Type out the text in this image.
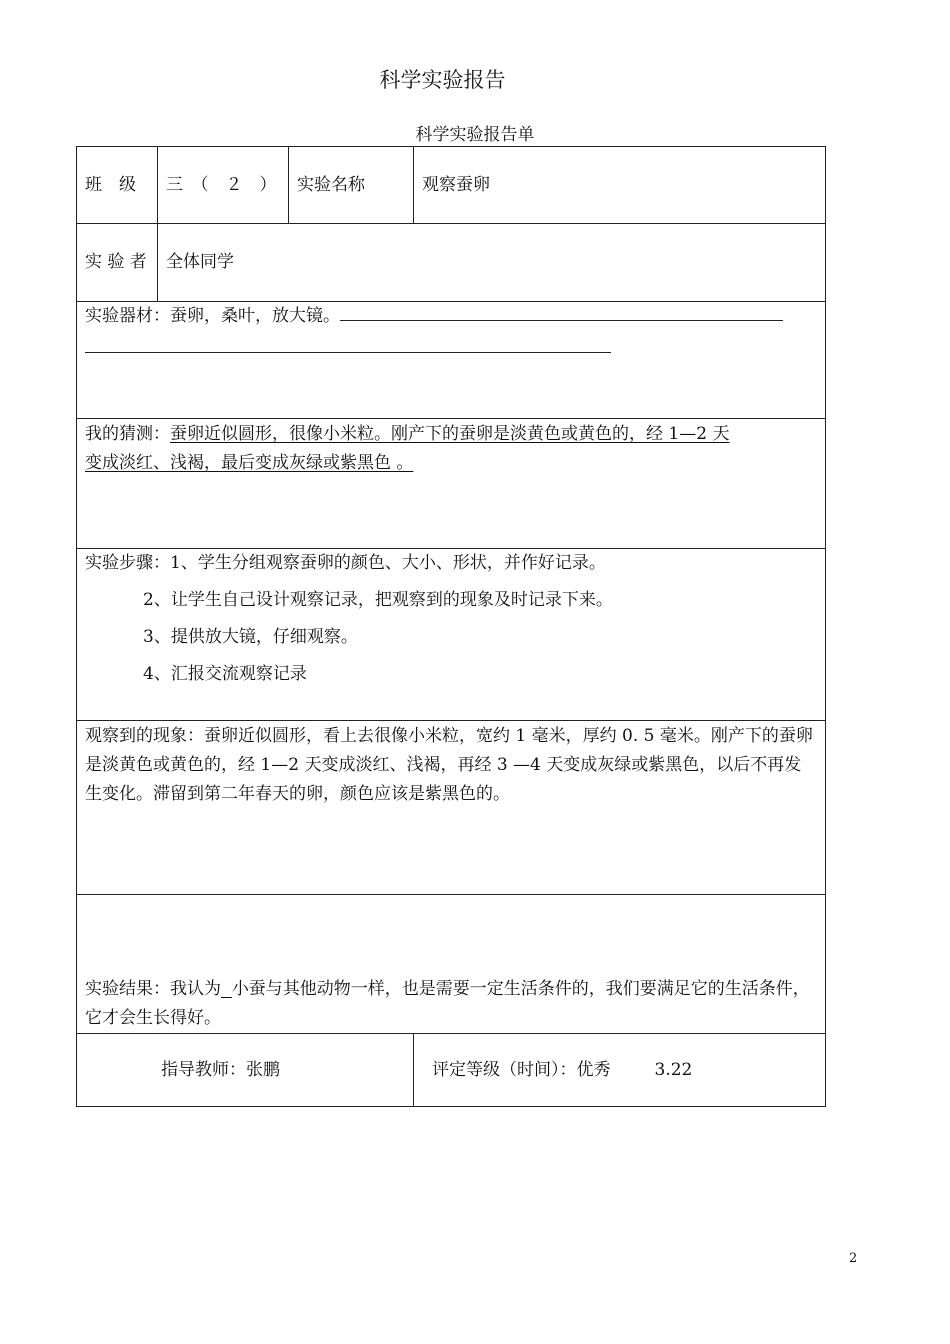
科学实验报告
科学实验报告单
班　级	三　（　２　）	实验名称	观察蚕卵
实 验 者	全体同学		

实验器材：蚕卵，桑叶，放大镜。			

我的猜测：蚕卵近似圆形，很像小米粒。刚产下的蚕卵是淡黄色或黄色的，经 1—2 天
变成淡红、浅褐，最后变成灰绿或紫黑色 。			

实验步骤：1、学生分组观察蚕卵的颜色、大小、形状，并作好记录。
2、让学生自己设计观察记录，把观察到的现象及时记录下来。
3、提供放大镜，仔细观察。
4、汇报交流观察记录			

观察到的现象：蚕卵近似圆形，看上去很像小米粒，宽约 1 毫米，厚约 0. 5 毫米。刚产下的蚕卵是淡黄色或黄色的，经 1—2 天变成淡红、浅褐，再经 3 —4 天变成灰绿或紫黑色，以后不再发生变化。滞留到第二年春天的卵，颜色应该是紫黑色的。			

实验结果：我认为 小蚕与其他动物一样，也是需要一定生活条件的，我们要满足它的生活条件，它才会生长得好。			

指导教师：张鹏			评定等级（时间）：优秀 3.22
2
